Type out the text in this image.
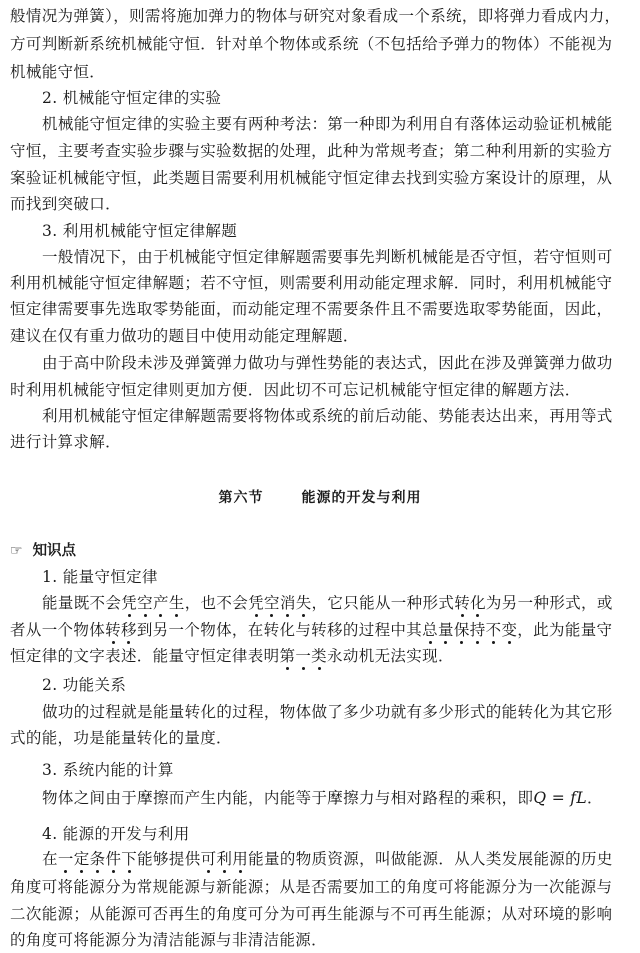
般情况为弹簧），则需将施加弹力的物体与研究对象看成一个系统，即将弹力看成内力，
方可判断新系统机械能守恒．针对单个物体或系统（不包括给予弹力的物体）不能视为
机械能守恒．
2. 机械能守恒定律的实验
机械能守恒定律的实验主要有两种考法：第一种即为利用自有落体运动验证机械能
守恒，主要考查实验步骤与实验数据的处理，此种为常规考查；第二种利用新的实验方
案验证机械能守恒，此类题目需要利用机械能守恒定律去找到实验方案设计的原理，从
而找到突破口．
3. 利用机械能守恒定律解题
一般情况下，由于机械能守恒定律解题需要事先判断机械能是否守恒，若守恒则可
利用机械能守恒定律解题；若不守恒，则需要利用动能定理求解．同时，利用机械能守
恒定律需要事先选取零势能面，而动能定理不需要条件且不需要选取零势能面，因此，
建议在仅有重力做功的题目中使用动能定理解题．
由于高中阶段未涉及弹簧弹力做功与弹性势能的表达式，因此在涉及弹簧弹力做功
时利用机械能守恒定律则更加方便．因此切不可忘记机械能守恒定律的解题方法．
利用机械能守恒定律解题需要将物体或系统的前后动能、势能表达出来，再用等式
进行计算求解．
第六节	能源的开发与利用
☞ 知识点
1. 能量守恒定律
能量既不会凭空产生，也不会凭空消失，它只能从一种形式转化为另一种形式，或
者从一个物体转移到另一个物体，在转化与转移的过程中其总量保持不变，此为能量守
恒定律的文字表述．能量守恒定律表明第一类永动机无法实现．
2. 功能关系
做功的过程就是能量转化的过程，物体做了多少功就有多少形式的能转化为其它形
式的能，功是能量转化的量度．
3. 系统内能的计算
物体之间由于摩擦而产生内能，内能等于摩擦力与相对路程的乘积，即Q = fL．
4. 能源的开发与利用
在一定条件下能够提供可利用能量的物质资源，叫做能源．从人类发展能源的历史
角度可将能源分为常规能源与新能源；从是否需要加工的角度可将能源分为一次能源与
二次能源；从能源可否再生的角度可分为可再生能源与不可再生能源；从对环境的影响
的角度可将能源分为清洁能源与非清洁能源．
